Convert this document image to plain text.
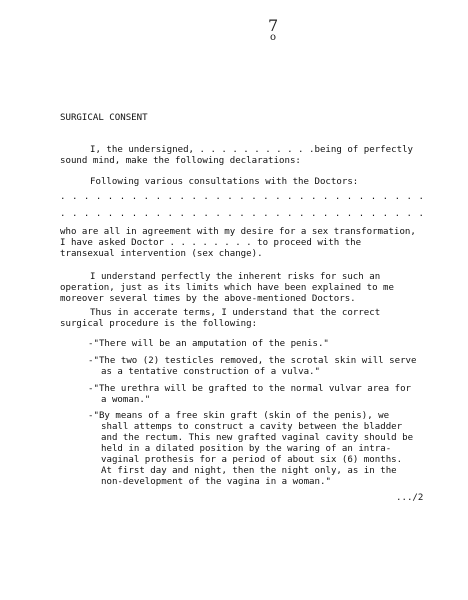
7
o
SURGICAL CONSENT
I, the undersigned, . . . . . . . . . . .being of perfectly
sound mind, make the following declarations:
Following various consultations with the Doctors:
. . . . . . . . . . . . . . . . . . . . . . . . . . . . . . .
. . . . . . . . . . . . . . . . . . . . . . . . . . . . . . .
who are all in agreement with my desire for a sex transformation,
I have asked Doctor . . . . . . . . to proceed with the
transexual intervention (sex change).
I understand perfectly the inherent risks for such an
operation, just as its limits which have been explained to me
moreover several times by the above-mentioned Doctors.
Thus in accerate terms, I understand that the correct
surgical procedure is the following:
-"There will be an amputation of the penis."
-"The two (2) testicles removed, the scrotal skin will serve
as a tentative construction of a vulva."
-"The urethra will be grafted to the normal vulvar area for
a woman."
-"By means of a free skin graft (skin of the penis), we
shall attemps to construct a cavity between the bladder
and the rectum. This new grafted vaginal cavity should be
held in a dilated position by the waring of an intra-
vaginal prothesis for a period of about six (6) months.
At first day and night, then the night only, as in the
non-development of the vagina in a woman."
.../2
